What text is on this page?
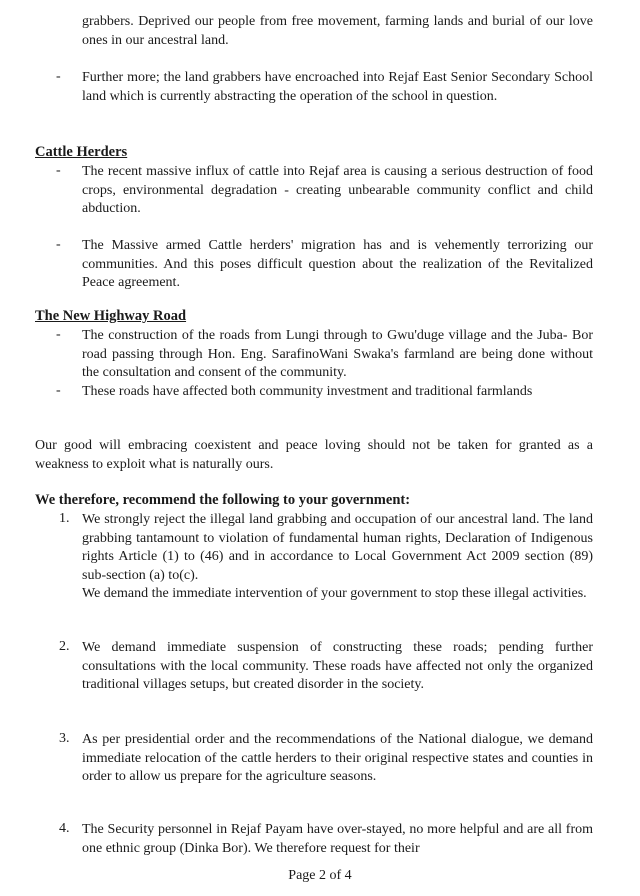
grabbers. Deprived our people from free movement, farming lands and burial of our love ones in our ancestral land.

- Further more; the land grabbers have encroached into Rejaf East Senior Secondary School land which is currently abstracting the operation of the school in question.

Cattle Herders
- The recent massive influx of cattle into Rejaf area is causing a serious destruction of food crops, environmental degradation - creating unbearable community conflict and child abduction.

- The Massive armed Cattle herders' migration has and is vehemently terrorizing our communities. And this poses difficult question about the realization of the Revitalized Peace agreement.

The New Highway Road
- The construction of the roads from Lungi through to Gwu'duge village and the Juba- Bor road passing through Hon. Eng. SarafinoWani Swaka's farmland are being done without the consultation and consent of the community.

- These roads have affected both community investment and traditional farmlands

Our good will embracing coexistent and peace loving should not be taken for granted as a weakness to exploit what is naturally ours.

We therefore, recommend the following to your government:
1. We strongly reject the illegal land grabbing and occupation of our ancestral land. The land grabbing tantamount to violation of fundamental human rights, Declaration of Indigenous rights Article (1) to (46) and in accordance to Local Government Act 2009 section (89) sub-section (a) to(c).

We demand the immediate intervention of your government to stop these illegal activities.

2. We demand immediate suspension of constructing these roads; pending further consultations with the local community. These roads have affected not only the organized traditional villages setups, but created disorder in the society.

3. As per presidential order and the recommendations of the National dialogue, we demand immediate relocation of the cattle herders to their original respective states and counties in order to allow us prepare for the agriculture seasons.

4. The Security personnel in Rejaf Payam have over-stayed, no more helpful and are all from one ethnic group (Dinka Bor). We therefore request for their

Page 2 of 4
